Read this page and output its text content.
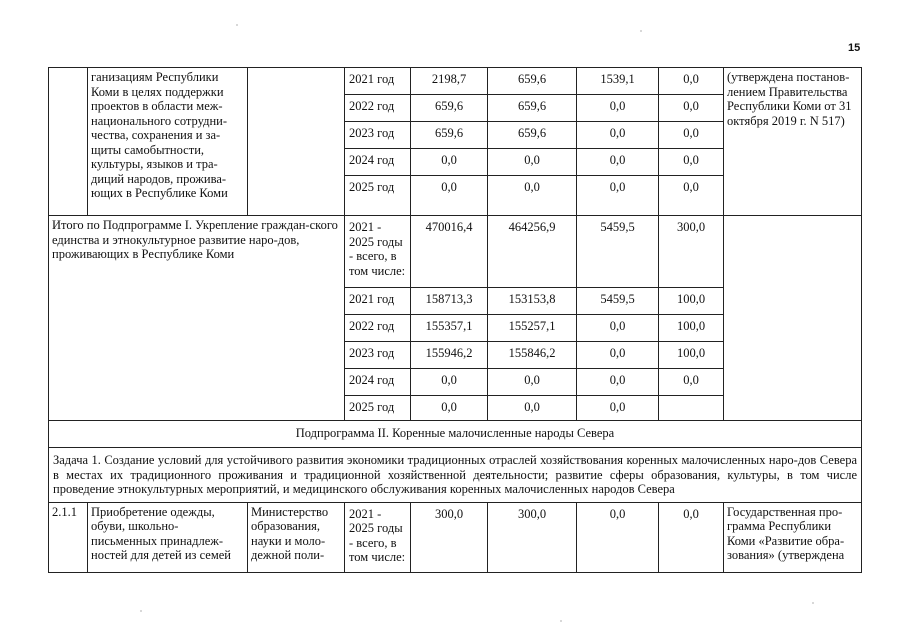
15
	ганизациям Республики Коми в целях поддержки проектов в области меж-национального сотрудни-чества, сохранения и за-щиты самобытности, культуры, языков и тра-диций народов, прожива-ющих в Республике Коми		2021 год	2198,7	659,6	1539,1	0,0	(утверждена постанов-лением Правительства Республики Коми от 31 октября 2019 г. N 517)
			2022 год	659,6	659,6	0,0	0,0	
			2023 год	659,6	659,6	0,0	0,0	
			2024 год	0,0	0,0	0,0	0,0	
			2025 год	0,0	0,0	0,0	0,0	
Итого по Подпрограмме I. Укрепление граждан-ского единства и этнокультурное развитие наро-дов, проживающих в Республике Коми			2021 - 2025 годы - всего, в том числе:	470016,4	464256,9	5459,5	300,0	
			2021 год	158713,3	153153,8	5459,5	100,0	
			2022 год	155357,1	155257,1	0,0	100,0	
			2023 год	155946,2	155846,2	0,0	100,0	
			2024 год	0,0	0,0	0,0	0,0	
			2025 год	0,0	0,0	0,0		
Подпрограмма II. Коренные малочисленные народы Севера								
Задача 1. Создание условий для устойчивого развития экономики традиционных отраслей хозяйствования коренных малочисленных наро-дов Севера в местах их традиционного проживания и традиционной хозяйственной деятельности; развитие сферы образования, культуры, в том числе проведение этнокультурных мероприятий, и медицинского обслуживания коренных малочисленных народов Севера								
2.1.1	Приобретение одежды, обуви, школьно-письменных принадлеж-ностей для детей из семей	Министерство образования, науки и моло-дежной поли-	2021 - 2025 годы - всего, в том числе:	300,0	300,0	0,0	0,0	Государственная про-грамма Республики Коми «Развитие обра-зования» (утверждена
